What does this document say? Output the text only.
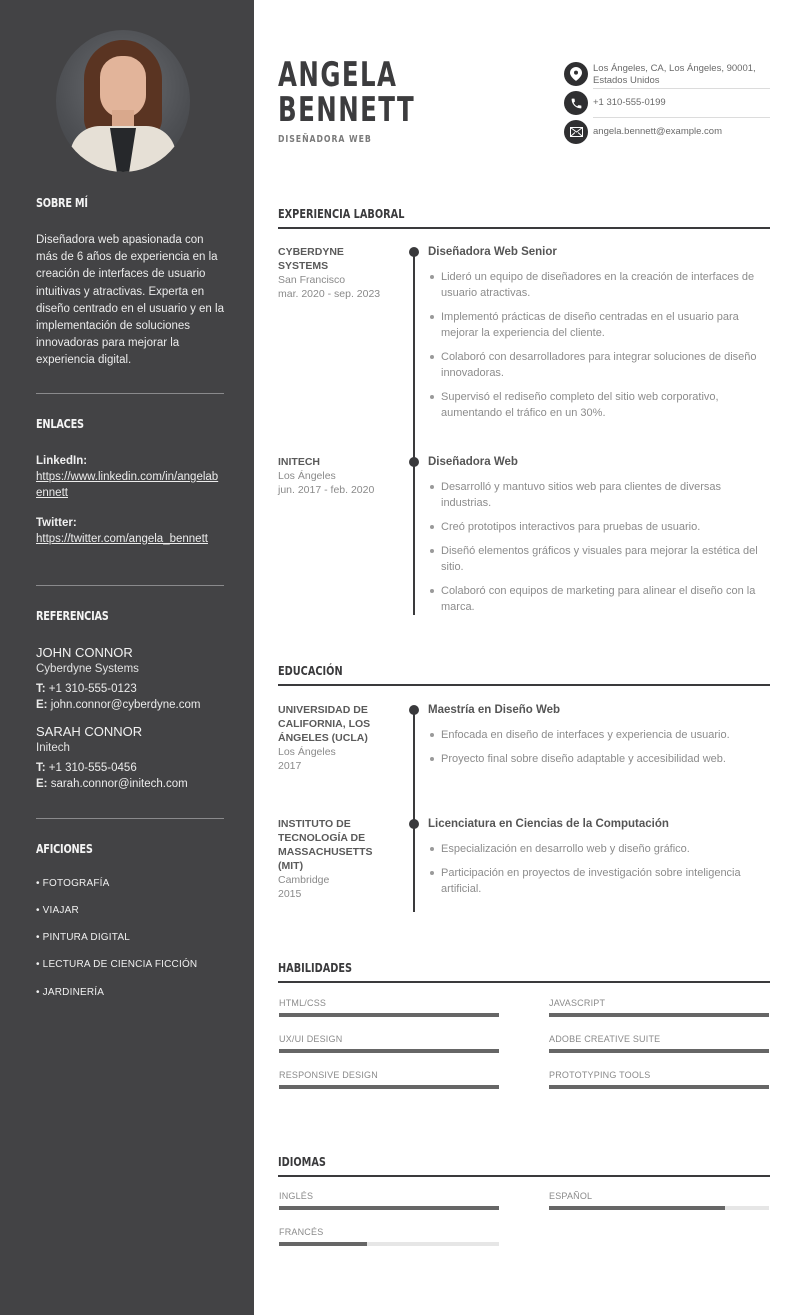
SOBRE MÍ

Diseñadora web apasionada con más de 6 años de experiencia en la creación de interfaces de usuario intuitivas y atractivas. Experta en diseño centrado en el usuario y en la implementación de soluciones innovadoras para mejorar la experiencia digital.

ENLACES
LinkedIn:
https://www.linkedin.com/in/angelabennett
Twitter:
https://twitter.com/angela_bennett
REFERENCIAS
JOHN CONNOR
Cyberdyne Systems
T: +1 310-555-0123
E: john.connor@cyberdyne.com
SARAH CONNOR
Initech
T: +1 310-555-0456
E: sarah.connor@initech.com
AFICIONES
• FOTOGRAFÍA
• VIAJAR
• PINTURA DIGITAL
• LECTURA DE CIENCIA FICCIÓN
• JARDINERÍA
ANGELA
BENNETT
DISEÑADORA WEB
Los Ángeles, CA, Los Ángeles, 90001,
Estados Unidos
+1 310-555-0199
angela.bennett@example.com
EXPERIENCIA LABORAL
CYBERDYNE SYSTEMS
San Francisco
mar. 2020 - sep. 2023
Diseñadora Web Senior
Lideró un equipo de diseñadores en la creación de interfaces de usuario atractivas.
Implementó prácticas de diseño centradas en el usuario para mejorar la experiencia del cliente.
Colaboró con desarrolladores para integrar soluciones de diseño innovadoras.
Supervisó el rediseño completo del sitio web corporativo, aumentando el tráfico en un 30%.
INITECH
Los Ángeles
jun. 2017 - feb. 2020
Diseñadora Web
Desarrolló y mantuvo sitios web para clientes de diversas industrias.
Creó prototipos interactivos para pruebas de usuario.
Diseñó elementos gráficos y visuales para mejorar la estética del sitio.
Colaboró con equipos de marketing para alinear el diseño con la marca.
EDUCACIÓN
UNIVERSIDAD DE CALIFORNIA, LOS ÁNGELES (UCLA)
Los Ángeles
2017
Maestría en Diseño Web
Enfocada en diseño de interfaces y experiencia de usuario.
Proyecto final sobre diseño adaptable y accesibilidad web.
INSTITUTO DE TECNOLOGÍA DE MASSACHUSETTS (MIT)
Cambridge
2015
Licenciatura en Ciencias de la Computación
Especialización en desarrollo web y diseño gráfico.
Participación en proyectos de investigación sobre inteligencia artificial.
HABILIDADES
HTML/CSS	JAVASCRIPT
UX/UI DESIGN	ADOBE CREATIVE SUITE
RESPONSIVE DESIGN	PROTOTYPING TOOLS
IDIOMAS
INGLÉS	ESPAÑOL
FRANCÉS
